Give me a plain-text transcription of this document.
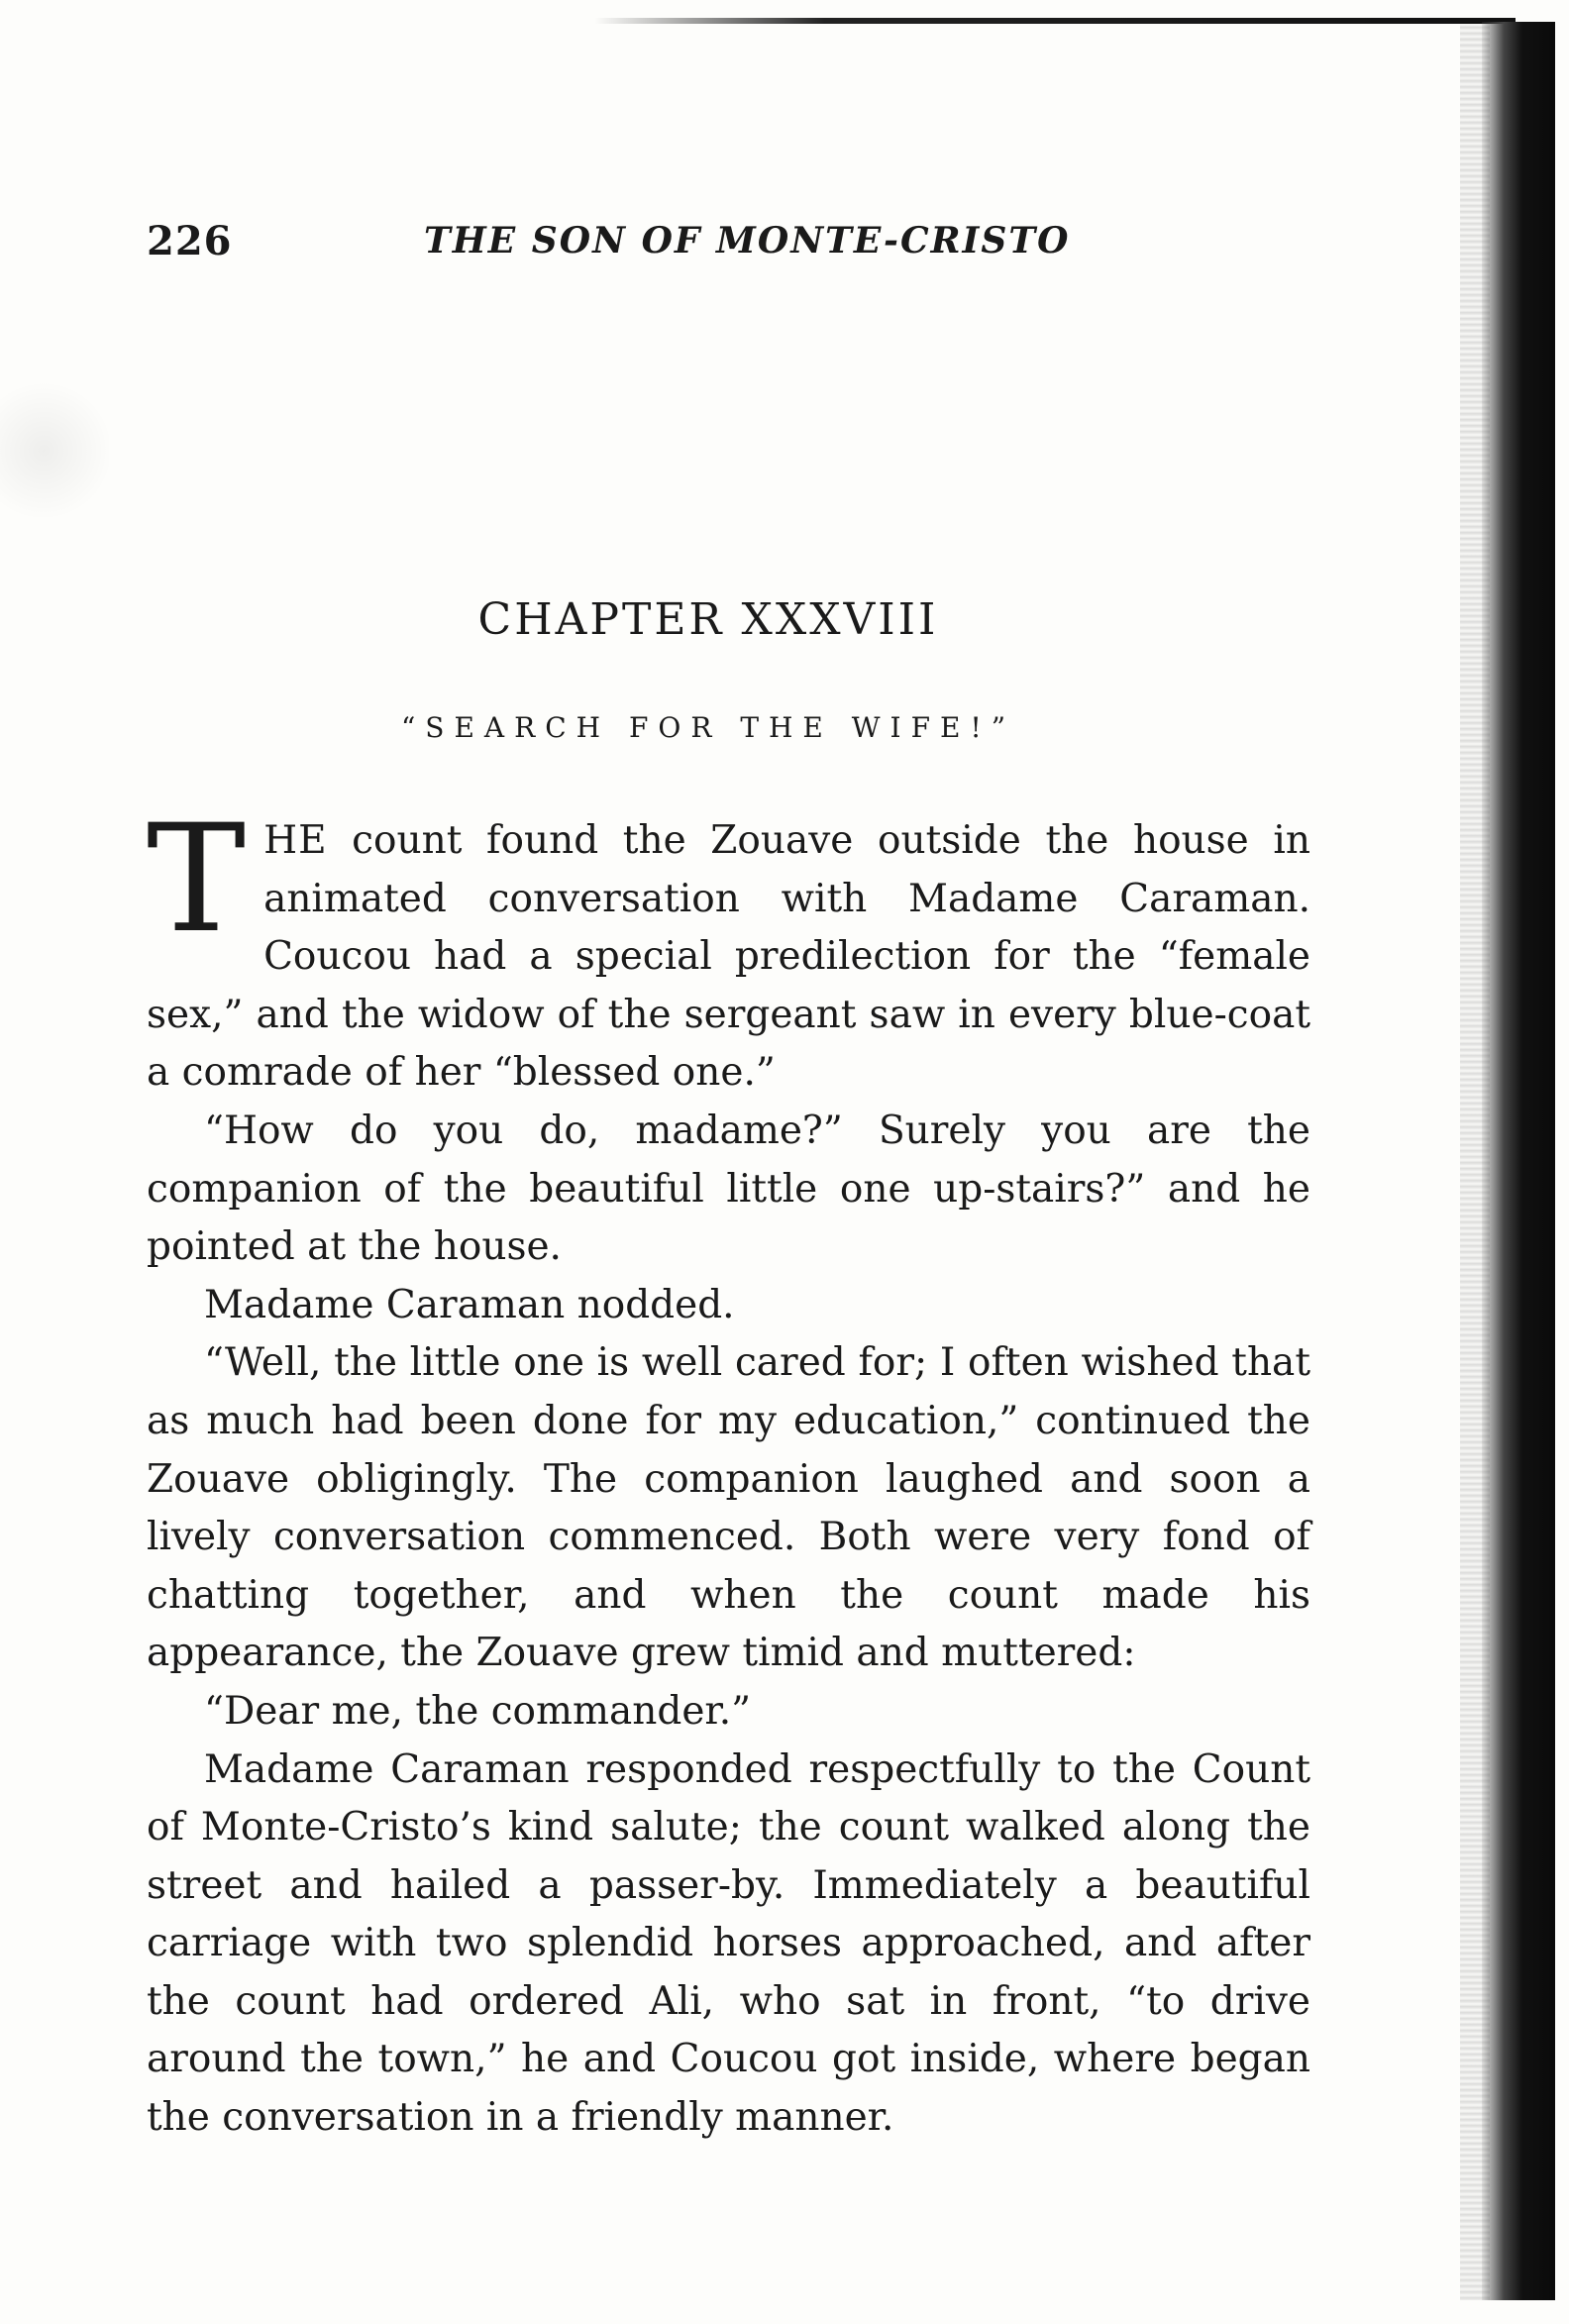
226	THE SON OF MONTE-CRISTO
CHAPTER XXXVIII
“SEARCH FOR THE WIFE!”

THE count found the Zouave outside the house in animated conversation with Madame Caraman. Coucou had a special predilection for the “female sex,” and the widow of the sergeant saw in every blue-coat a comrade of her “blessed one.”

“How do you do, madame?” Surely you are the companion of the beautiful little one up-stairs?” and he pointed at the house.

Madame Caraman nodded.

“Well, the little one is well cared for; I often wished that as much had been done for my education,” continued the Zouave obligingly. The companion laughed and soon a lively conversation commenced. Both were very fond of chatting together, and when the count made his appearance, the Zouave grew timid and muttered:

“Dear me, the commander.”

Madame Caraman responded respectfully to the Count of Monte-Cristo’s kind salute; the count walked along the street and hailed a passer-by. Immediately a beautiful carriage with two splendid horses approached, and after the count had ordered Ali, who sat in front, “to drive around the town,” he and Coucou got inside, where began the conversation in a friendly manner.
